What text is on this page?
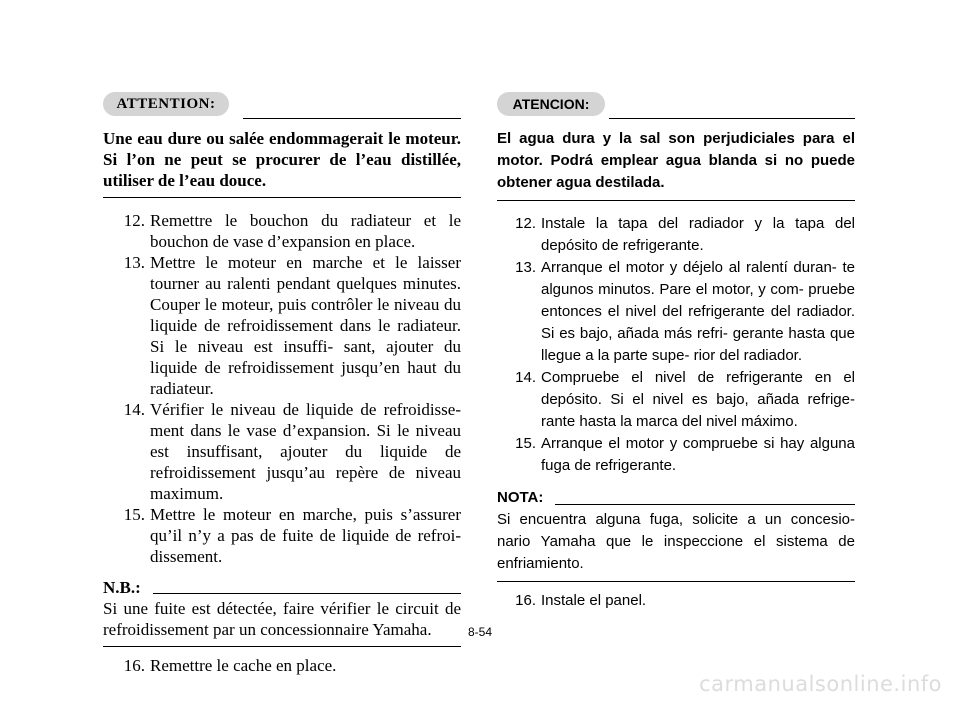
ATTENTION:
Une eau dure ou salée endommagerait le moteur. Si l’on ne peut se procurer de l’eau distillée, utiliser de l’eau douce.
12. Remettre le bouchon du radiateur et le bouchon de vase d’expansion en place.
13. Mettre le moteur en marche et le laisser tourner au ralenti pendant quelques minutes. Couper le moteur, puis contrôler le niveau du liquide de refroidissement dans le radiateur. Si le niveau est insuffi- sant, ajouter du liquide de refroidissement jusqu’en haut du radiateur.
14. Vérifier le niveau de liquide de refroidisse- ment dans le vase d’expansion. Si le niveau est insuffisant, ajouter du liquide de refroidissement jusqu’au repère de niveau maximum.
15. Mettre le moteur en marche, puis s’assurer qu’il n’y a pas de fuite de liquide de refroi- dissement.
N.B.:
Si une fuite est détectée, faire vérifier le circuit de refroidissement par un concessionnaire Yamaha.
16. Remettre le cache en place.
ATENCION:
El agua dura y la sal son perjudiciales para el motor. Podrá emplear agua blanda si no puede obtener agua destilada.
12. Instale la tapa del radiador y la tapa del depósito de refrigerante.
13. Arranque el motor y déjelo al ralentí duran- te algunos minutos. Pare el motor, y com- pruebe entonces el nivel del refrigerante del radiador. Si es bajo, añada más refri- gerante hasta que llegue a la parte supe- rior del radiador.
14. Compruebe el nivel de refrigerante en el depósito. Si el nivel es bajo, añada refrige- rante hasta la marca del nivel máximo.
15. Arranque el motor y compruebe si hay alguna fuga de refrigerante.
NOTA:
Si encuentra alguna fuga, solicite a un concesio- nario Yamaha que le inspeccione el sistema de enfriamiento.
16. Instale el panel.
8-54
carmanualsonline.info
